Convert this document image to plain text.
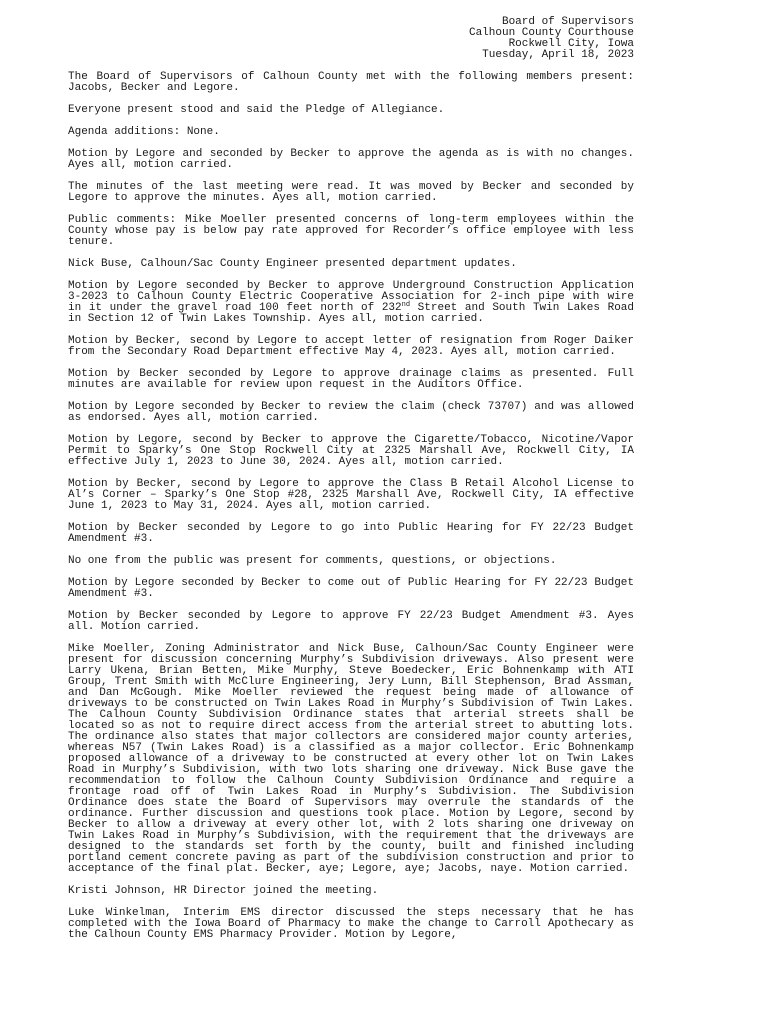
Board of Supervisors
Calhoun County Courthouse
Rockwell City, Iowa
Tuesday, April 18, 2023

The Board of Supervisors of Calhoun County met with the following members present: Jacobs, Becker and Legore.

Everyone present stood and said the Pledge of Allegiance.

Agenda additions: None.

Motion by Legore and seconded by Becker to approve the agenda as is with no changes. Ayes all, motion carried.

The minutes of the last meeting were read. It was moved by Becker and seconded by Legore to approve the minutes. Ayes all, motion carried.

Public comments: Mike Moeller presented concerns of long-term employees within the County whose pay is below pay rate approved for Recorder’s office employee with less tenure.

Nick Buse, Calhoun/Sac County Engineer presented department updates.

Motion by Legore seconded by Becker to approve Underground Construction Application 3-2023 to Calhoun County Electric Cooperative Association for 2-inch pipe with wire in it under the gravel road 100 feet north of 232nd Street and South Twin Lakes Road in Section 12 of Twin Lakes Township. Ayes all, motion carried.

Motion by Becker, second by Legore to accept letter of resignation from Roger Daiker from the Secondary Road Department effective May 4, 2023. Ayes all, motion carried.

Motion by Becker seconded by Legore to approve drainage claims as presented. Full minutes are available for review upon request in the Auditors Office.

Motion by Legore seconded by Becker to review the claim (check 73707) and was allowed as endorsed. Ayes all, motion carried.

Motion by Legore, second by Becker to approve the Cigarette/Tobacco, Nicotine/Vapor Permit to Sparky’s One Stop Rockwell City at 2325 Marshall Ave, Rockwell City, IA effective July 1, 2023 to June 30, 2024. Ayes all, motion carried.

Motion by Becker, second by Legore to approve the Class B Retail Alcohol License to Al’s Corner – Sparky’s One Stop #28, 2325 Marshall Ave, Rockwell City, IA effective June 1, 2023 to May 31, 2024. Ayes all, motion carried.

Motion by Becker seconded by Legore to go into Public Hearing for FY 22/23 Budget Amendment #3.

No one from the public was present for comments, questions, or objections.

Motion by Legore seconded by Becker to come out of Public Hearing for FY 22/23 Budget Amendment #3.

Motion by Becker seconded by Legore to approve FY 22/23 Budget Amendment #3. Ayes all. Motion carried.

Mike Moeller, Zoning Administrator and Nick Buse, Calhoun/Sac County Engineer were present for discussion concerning Murphy’s Subdivision driveways. Also present were Larry Ukena, Brian Betten, Mike Murphy, Steve Boedecker, Eric Bohnenkamp with ATI Group, Trent Smith with McClure Engineering, Jery Lunn, Bill Stephenson, Brad Assman, and Dan McGough. Mike Moeller reviewed the request being made of allowance of driveways to be constructed on Twin Lakes Road in Murphy’s Subdivision of Twin Lakes. The Calhoun County Subdivision Ordinance states that arterial streets shall be located so as not to require direct access from the arterial street to abutting lots. The ordinance also states that major collectors are considered major county arteries, whereas N57 (Twin Lakes Road) is a classified as a major collector. Eric Bohnenkamp proposed allowance of a driveway to be constructed at every other lot on Twin Lakes Road in Murphy’s Subdivision, with two lots sharing one driveway. Nick Buse gave the recommendation to follow the Calhoun County Subdivision Ordinance and require a frontage road off of Twin Lakes Road in Murphy’s Subdivision. The Subdivision Ordinance does state the Board of Supervisors may overrule the standards of the ordinance. Further discussion and questions took place. Motion by Legore, second by Becker to allow a driveway at every other lot, with 2 lots sharing one driveway on Twin Lakes Road in Murphy’s Subdivision, with the requirement that the driveways are designed to the standards set forth by the county, built and finished including portland cement concrete paving as part of the subdivision construction and prior to acceptance of the final plat. Becker, aye; Legore, aye; Jacobs, naye. Motion carried.

Kristi Johnson, HR Director joined the meeting.

Luke Winkelman, Interim EMS director discussed the steps necessary that he has completed with the Iowa Board of Pharmacy to make the change to Carroll Apothecary as the Calhoun County EMS Pharmacy Provider. Motion by Legore,
